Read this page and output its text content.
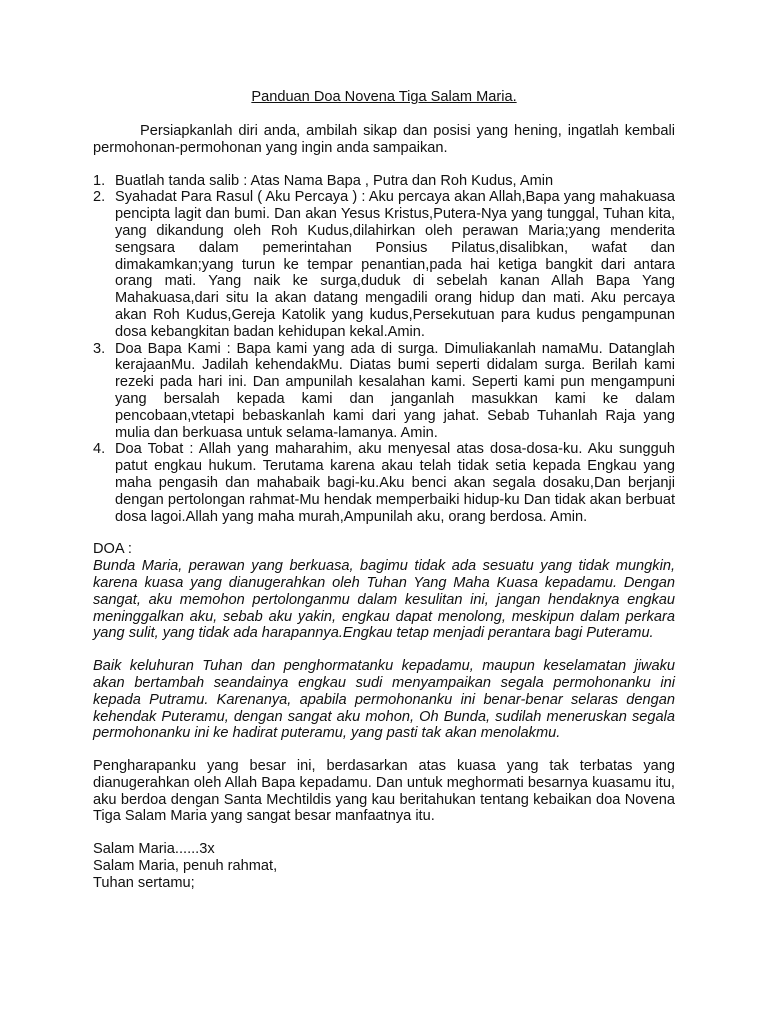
Panduan Doa Novena Tiga Salam Maria.

Persiapkanlah diri anda, ambilah sikap dan posisi yang hening, ingatlah kembali permohonan-permohonan yang ingin anda sampaikan.

1. Buatlah tanda salib : Atas Nama Bapa , Putra dan Roh Kudus, Amin
2. Syahadat Para Rasul ( Aku Percaya ) : Aku percaya akan Allah,Bapa yang mahakuasa pencipta lagit dan bumi. Dan akan Yesus Kristus,Putera-Nya yang tunggal, Tuhan kita, yang dikandung oleh Roh Kudus,dilahirkan oleh perawan Maria;yang menderita sengsara dalam pemerintahan Ponsius Pilatus,disalibkan, wafat dan dimakamkan;yang turun ke tempar penantian,pada hai ketiga bangkit dari antara orang mati. Yang naik ke surga,duduk di sebelah kanan Allah Bapa Yang Mahakuasa,dari situ Ia akan datang mengadili orang hidup dan mati. Aku percaya akan Roh Kudus,Gereja Katolik yang kudus,Persekutuan para kudus pengampunan dosa kebangkitan badan kehidupan kekal.Amin.
3. Doa Bapa Kami : Bapa kami yang ada di surga. Dimuliakanlah namaMu. Datanglah kerajaanMu. Jadilah kehendakMu. Diatas bumi seperti didalam surga. Berilah kami rezeki pada hari ini. Dan ampunilah kesalahan kami. Seperti kami pun mengampuni yang bersalah kepada kami dan janganlah masukkan kami ke dalam pencobaan,vtetapi bebaskanlah kami dari yang jahat. Sebab Tuhanlah Raja yang mulia dan berkuasa untuk selama-lamanya. Amin.
4. Doa Tobat : Allah yang maharahim, aku menyesal atas dosa-dosa-ku. Aku sungguh patut engkau hukum. Terutama karena akau telah tidak setia kepada Engkau yang maha pengasih dan mahabaik bagi-ku.Aku benci akan segala dosaku,Dan berjanji dengan pertolongan rahmat-Mu hendak memperbaiki hidup-ku Dan tidak akan berbuat dosa lagoi.Allah yang maha murah,Ampunilah aku, orang berdosa. Amin.

DOA :

Bunda Maria, perawan yang berkuasa, bagimu tidak ada sesuatu yang tidak mungkin, karena kuasa yang dianugerahkan oleh Tuhan Yang Maha Kuasa kepadamu. Dengan sangat, aku memohon pertolonganmu dalam kesulitan ini, jangan hendaknya engkau meninggalkan aku, sebab aku yakin, engkau dapat menolong, meskipun dalam perkara yang sulit, yang tidak ada harapannya.Engkau tetap menjadi perantara bagi Puteramu.

Baik keluhuran Tuhan dan penghormatanku kepadamu, maupun keselamatan jiwaku akan bertambah seandainya engkau sudi menyampaikan segala permohonanku ini kepada Putramu. Karenanya, apabila permohonanku ini benar-benar selaras dengan kehendak Puteramu, dengan sangat aku mohon, Oh Bunda, sudilah meneruskan segala permohonanku ini ke hadirat puteramu, yang pasti tak akan menolakmu.

Pengharapanku yang besar ini, berdasarkan atas kuasa yang tak terbatas yang dianugerahkan oleh Allah Bapa kepadamu. Dan untuk meghormati besarnya kuasamu itu, aku berdoa dengan Santa Mechtildis yang kau beritahukan tentang kebaikan doa Novena Tiga Salam Maria yang sangat besar manfaatnya itu.

Salam Maria......3x

Salam Maria, penuh rahmat,

Tuhan sertamu;
